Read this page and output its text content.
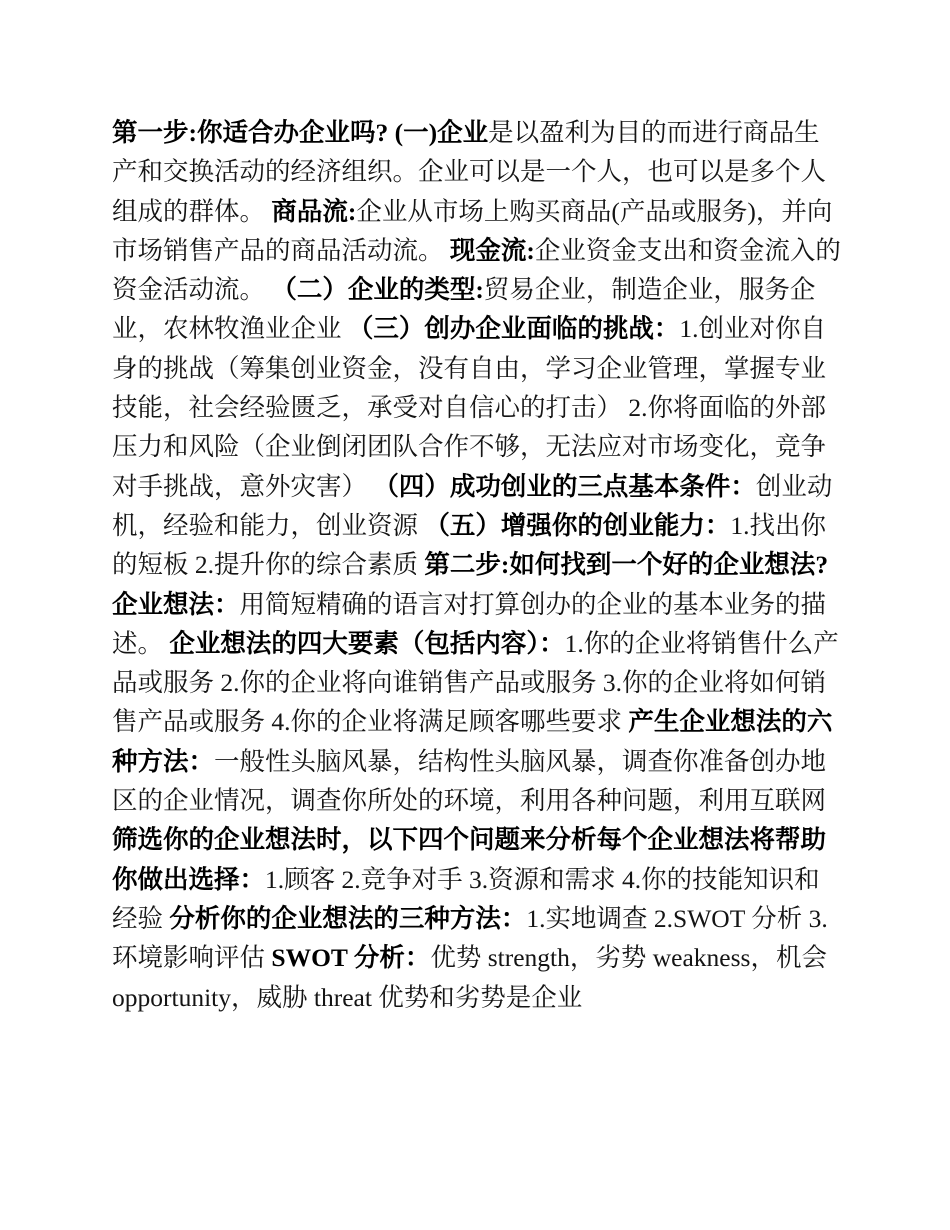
第一步:你适合办企业吗? (一)企业是以盈利为目的而进行商品生产和交换活动的经济组织。企业可以是一个人，也可以是多个人组成的群体。 商品流:企业从市场上购买商品(产品或服务)，并向市场销售产品的商品活动流。 现金流:企业资金支出和资金流入的资金活动流。 （二）企业的类型:贸易企业，制造企业，服务企业，农林牧渔业企业 （三）创办企业面临的挑战：1.创业对你自身的挑战（筹集创业资金，没有自由，学习企业管理，掌握专业技能，社会经验匮乏，承受对自信心的打击） 2.你将面临的外部压力和风险（企业倒闭团队合作不够，无法应对市场变化，竞争对手挑战，意外灾害） （四）成功创业的三点基本条件：创业动机，经验和能力，创业资源 （五）增强你的创业能力：1.找出你的短板 2.提升你的综合素质 第二步:如何找到一个好的企业想法? 企业想法：用简短精确的语言对打算创办的企业的基本业务的描述。 企业想法的四大要素（包括内容）：1.你的企业将销售什么产品或服务 2.你的企业将向谁销售产品或服务 3.你的企业将如何销售产品或服务 4.你的企业将满足顾客哪些要求 产生企业想法的六种方法：一般性头脑风暴，结构性头脑风暴，调查你准备创办地区的企业情况，调查你所处的环境，利用各种问题，利用互联网 筛选你的企业想法时，以下四个问题来分析每个企业想法将帮助你做出选择：1.顾客 2.竞争对手 3.资源和需求 4.你的技能知识和经验 分析你的企业想法的三种方法：1.实地调查 2.SWOT 分析 3.环境影响评估 SWOT 分析：优势 strength，劣势 weakness，机会 opportunity，威胁 threat 优势和劣势是企业
